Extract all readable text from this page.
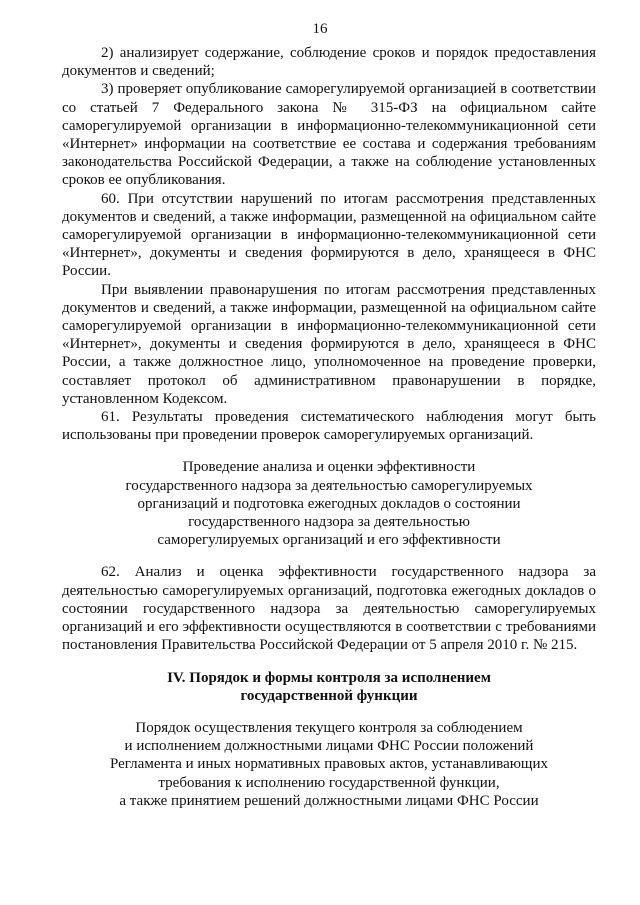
16

2) анализирует содержание, соблюдение сроков и порядок предоставления документов и сведений;

3) проверяет опубликование саморегулируемой организацией в соответствии со статьей 7 Федерального закона № 315-ФЗ на официальном сайте саморегулируемой организации в информационно-телекоммуникационной сети «Интернет» информации на соответствие ее состава и содержания требованиям законодательства Российской Федерации, а также на соблюдение установленных сроков ее опубликования.

60. При отсутствии нарушений по итогам рассмотрения представленных документов и сведений, а также информации, размещенной на официальном сайте саморегулируемой организации в информационно-телекоммуникационной сети «Интернет», документы и сведения формируются в дело, хранящееся в ФНС России.

При выявлении правонарушения по итогам рассмотрения представленных документов и сведений, а также информации, размещенной на официальном сайте саморегулируемой организации в информационно-телекоммуникационной сети «Интернет», документы и сведения формируются в дело, хранящееся в ФНС России, а также должностное лицо, уполномоченное на проведение проверки, составляет протокол об административном правонарушении в порядке, установленном Кодексом.

61. Результаты проведения систематического наблюдения могут быть использованы при проведении проверок саморегулируемых организаций.

Проведение анализа и оценки эффективности

государственного надзора за деятельностью саморегулируемых

организаций и подготовка ежегодных докладов о состоянии

государственного надзора за деятельностью

саморегулируемых организаций и его эффективности

62. Анализ и оценка эффективности государственного надзора за деятельностью саморегулируемых организаций, подготовка ежегодных докладов о состоянии государственного надзора за деятельностью саморегулируемых организаций и его эффективности осуществляются в соответствии с требованиями постановления Правительства Российской Федерации от 5 апреля 2010 г. № 215.

IV. Порядок и формы контроля за исполнением

государственной функции

Порядок осуществления текущего контроля за соблюдением

и исполнением должностными лицами ФНС России положений

Регламента и иных нормативных правовых актов, устанавливающих

требования к исполнению государственной функции,

а также принятием решений должностными лицами ФНС России
